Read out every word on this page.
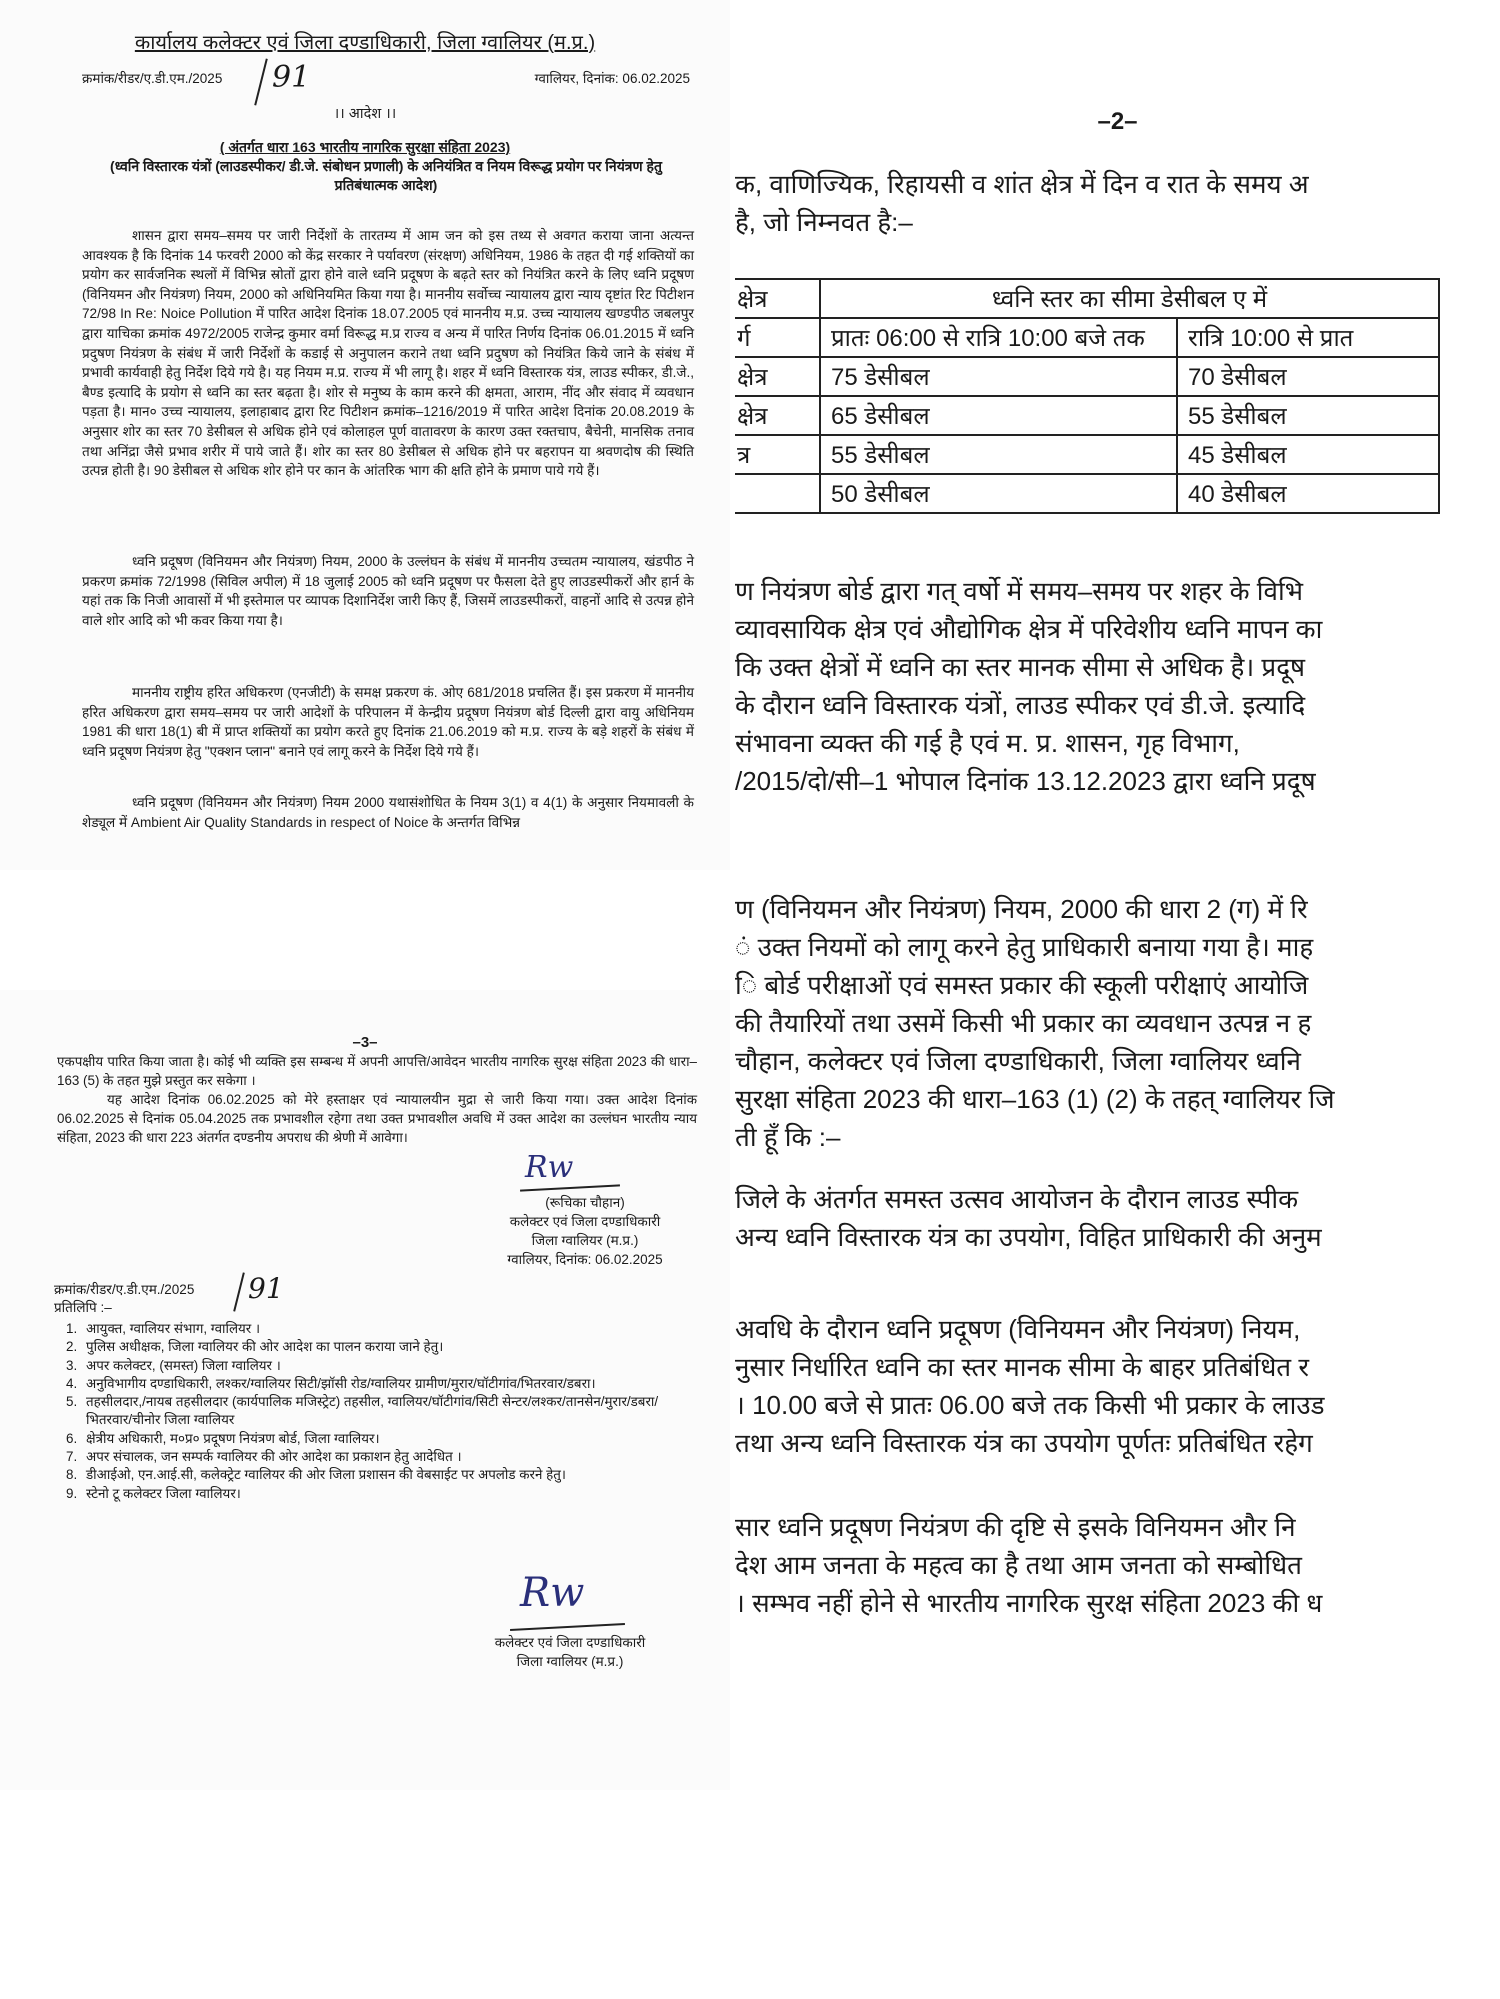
कार्यालय कलेक्टर एवं जिला दण्डाधिकारी, जिला ग्वालियर (म.प्र.)
क्रमांक/रीडर/ए.डी.एम./2025 91	ग्वालियर, दिनांक: 06.02.2025
।। आदेश ।।
( अंतर्गत धारा 163 भारतीय नागरिक सुरक्षा संहिता 2023)
(ध्वनि विस्तारक यंत्रों (लाउडस्पीकर/ डी.जे. संबोधन प्रणाली) के अनियंत्रित व नियम विरूद्ध प्रयोग पर नियंत्रण हेतु प्रतिबंधात्मक आदेश)
शासन द्वारा समय–समय पर जारी निर्देशों के तारतम्य में आम जन को इस तथ्य से अवगत कराया जाना अत्यन्त आवश्यक है कि दिनांक 14 फरवरी 2000 को केंद्र सरकार ने पर्यावरण (संरक्षण) अधिनियम, 1986 के तहत दी गई शक्तियों का प्रयोग कर सार्वजनिक स्थलों में विभिन्न स्रोतों द्वारा होने वाले ध्वनि प्रदूषण के बढ़ते स्तर को नियंत्रित करने के लिए ध्वनि प्रदूषण (विनियमन और नियंत्रण) नियम, 2000 को अधिनियमित किया गया है। माननीय सर्वोच्च न्यायालय द्वारा न्याय दृष्टांत रिट पिटीशन 72/98 In Re: Noice Pollution में पारित आदेश दिनांक 18.07.2005 एवं माननीय म.प्र. उच्च न्यायालय खण्डपीठ जबलपुर द्वारा याचिका क्रमांक 4972/2005 राजेन्द्र कुमार वर्मा विरूद्ध म.प्र राज्य व अन्य में पारित निर्णय दिनांक 06.01.2015 में ध्वनि प्रदुषण नियंत्रण के संबंध में जारी निर्देशों के कडाई से अनुपालन कराने तथा ध्वनि प्रदुषण को नियंत्रित किये जाने के संबंध में प्रभावी कार्यवाही हेतु निर्देश दिये गये है। यह नियम म.प्र. राज्य में भी लागू है। शहर में ध्वनि विस्तारक यंत्र, लाउड स्पीकर, डी.जे., बैण्ड इत्यादि के प्रयोग से ध्वनि का स्तर बढ़ता है। शोर से मनुष्य के काम करने की क्षमता, आराम, नींद और संवाद में व्यवधान पड़ता है। मान० उच्च न्यायालय, इलाहाबाद द्वारा रिट पिटीशन क्रमांक–1216/2019 में पारित आदेश दिनांक 20.08.2019 के अनुसार शोर का स्तर 70 डेसीबल से अधिक होने एवं कोलाहल पूर्ण वातावरण के कारण उक्त रक्तचाप, बैचेनी, मानसिक तनाव तथा अनिंद्रा जैसे प्रभाव शरीर में पाये जाते हैं। शोर का स्तर 80 डेसीबल से अधिक होने पर बहरापन या श्रवणदोष की स्थिति उत्पन्न होती है। 90 डेसीबल से अधिक शोर होने पर कान के आंतरिक भाग की क्षति होने के प्रमाण पाये गये हैं।
ध्वनि प्रदूषण (विनियमन और नियंत्रण) नियम, 2000 के उल्लंघन के संबंध में माननीय उच्चतम न्यायालय, खंडपीठ ने प्रकरण क्रमांक 72/1998 (सिविल अपील) में 18 जुलाई 2005 को ध्वनि प्रदूषण पर फैसला देते हुए लाउडस्पीकरों और हार्न के यहां तक कि निजी आवासों में भी इस्तेमाल पर व्यापक दिशानिर्देश जारी किए हैं, जिसमें लाउडस्पीकरों, वाहनों आदि से उत्पन्न होने वाले शोर आदि को भी कवर किया गया है।
माननीय राष्ट्रीय हरित अधिकरण (एनजीटी) के समक्ष प्रकरण कं. ओए 681/2018 प्रचलित हैं। इस प्रकरण में माननीय हरित अधिकरण द्वारा समय–समय पर जारी आदेशों के परिपालन में केन्द्रीय प्रदूषण नियंत्रण बोर्ड दिल्ली द्वारा वायु अधिनियम 1981 की धारा 18(1) बी में प्राप्त शक्तियों का प्रयोग करते हुए दिनांक 21.06.2019 को म.प्र. राज्य के बड़े शहरों के संबंध में ध्वनि प्रदूषण नियंत्रण हेतु "एक्शन प्लान" बनाने एवं लागू करने के निर्देश दिये गये हैं।
ध्वनि प्रदूषण (विनियमन और नियंत्रण) नियम 2000 यथासंशोधित के नियम 3(1) व 4(1) के अनुसार नियमावली के शेड्यूल में Ambient Air Quality Standards in respect of Noice के अन्तर्गत विभिन्न
–2–
क, वाणिज्यिक, रिहायसी व शांत क्षेत्र में दिन व रात के समय अ
है, जो निम्नवत है:–
क्षेत्र	ध्वनि स्तर का सीमा डेसीबल ए में	
र्ग	प्रातः 06:00 से रात्रि 10:00 बजे तक	रात्रि 10:00 से प्रात
क्षेत्र	75 डेसीबल	70 डेसीबल
क्षेत्र	65 डेसीबल	55 डेसीबल
त्र	55 डेसीबल	45 डेसीबल
	50 डेसीबल	40 डेसीबल
ण नियंत्रण बोर्ड द्वारा गत् वर्षो में समय–समय पर शहर के विभि
व्यावसायिक क्षेत्र एवं औद्योगिक क्षेत्र में परिवेशीय ध्वनि मापन का
कि उक्त क्षेत्रों में ध्वनि का स्तर मानक सीमा से अधिक है। प्रदूष
के दौरान ध्वनि विस्तारक यंत्रों, लाउड स्पीकर एवं डी.जे. इत्यादि
संभावना व्यक्त की गई है एवं म. प्र. शासन, गृह विभाग,
/2015/दो/सी–1 भोपाल दिनांक 13.12.2023 द्वारा ध्वनि प्रदूष
ण (विनियमन और नियंत्रण) नियम, 2000 की धारा 2 (ग) में रि
ं उक्त नियमों को लागू करने हेतु प्राधिकारी बनाया गया है। माह
ि बोर्ड परीक्षाओं एवं समस्त प्रकार की स्कूली परीक्षाएं आयोजि
की तैयारियों तथा उसमें किसी भी प्रकार का व्यवधान उत्पन्न न ह
चौहान, कलेक्टर एवं जिला दण्डाधिकारी, जिला ग्वालियर ध्वनि
सुरक्षा संहिता 2023 की धारा–163 (1) (2) के तहत् ग्वालियर जि
ती हूँ कि :–
जिले के अंतर्गत समस्त उत्सव आयोजन के दौरान लाउड स्पीक
अन्य ध्वनि विस्तारक यंत्र का उपयोग, विहित प्राधिकारी की अनुम
अवधि के दौरान ध्वनि प्रदूषण (विनियमन और नियंत्रण) नियम,
नुसार निर्धारित ध्वनि का स्तर मानक सीमा के बाहर प्रतिबंधित र
। 10.00 बजे से प्रातः 06.00 बजे तक किसी भी प्रकार के लाउड
तथा अन्य ध्वनि विस्तारक यंत्र का उपयोग पूर्णतः प्रतिबंधित रहेग
सार ध्वनि प्रदूषण नियंत्रण की दृष्टि से इसके विनियमन और नि
देश आम जनता के महत्व का है तथा आम जनता को सम्बोधित
। सम्भव नहीं होने से भारतीय नागरिक सुरक्ष संहिता 2023 की ध
–3–
एकपक्षीय पारित किया जाता है। कोई भी व्यक्ति इस सम्बन्ध में अपनी आपत्ति/आवेदन भारतीय नागरिक सुरक्ष संहिता 2023 की धारा–163 (5) के तहत मुझे प्रस्तुत कर सकेगा ।
यह आदेश दिनांक 06.02.2025 को मेरे हस्ताक्षर एवं न्यायालयीन मुद्रा से जारी किया गया। उक्त आदेश दिनांक 06.02.2025 से दिनांक 05.04.2025 तक प्रभावशील रहेगा तथा उक्त प्रभावशील अवधि में उक्त आदेश का उल्लंघन भारतीय न्याय संहिता, 2023 की धारा 223 अंतर्गत दण्डनीय अपराध की श्रेणी में आवेगा।
Rw
(रूचिका चौहान)
कलेक्टर एवं जिला दण्डाधिकारी
जिला ग्वालियर (म.प्र.)
ग्वालियर, दिनांक: 06.02.2025
क्रमांक/रीडर/ए.डी.एम./2025 91
प्रतिलिपि :–
1. आयुक्त, ग्वालियर संभाग, ग्वालियर ।
2. पुलिस अधीक्षक, जिला ग्वालियर की ओर आदेश का पालन कराया जाने हेतु।
3. अपर कलेक्टर, (समस्त) जिला ग्वालियर ।
4. अनुविभागीय दण्डाधिकारी, लश्कर/ग्वालियर सिटी/झॉसी रोड/ग्वालियर ग्रामीण/मुरार/घॉटीगांव/भितरवार/डबरा।
5. तहसीलदार,/नायब तहसीलदार (कार्यपालिक मजिस्ट्रेट) तहसील, ग्वालियर/घॉटीगांव/सिटी सेन्टर/लश्कर/तानसेन/मुरार/डबरा/ भितरवार/चीनोर जिला ग्वालियर
6. क्षेत्रीय अधिकारी, म०प्र० प्रदूषण नियंत्रण बोर्ड, जिला ग्वालियर।
7. अपर संचालक, जन सम्पर्क ग्वालियर की ओर आदेश का प्रकाशन हेतु आदेधित ।
8. डीआईओ, एन.आई.सी, कलेक्ट्रेट ग्वालियर की ओर जिला प्रशासन की वेबसाईट पर अपलोड करने हेतु।
9. स्टेनो टू कलेक्टर जिला ग्वालियर।
Rw
कलेक्टर एवं जिला दण्डाधिकारी
जिला ग्वालियर (म.प्र.)
